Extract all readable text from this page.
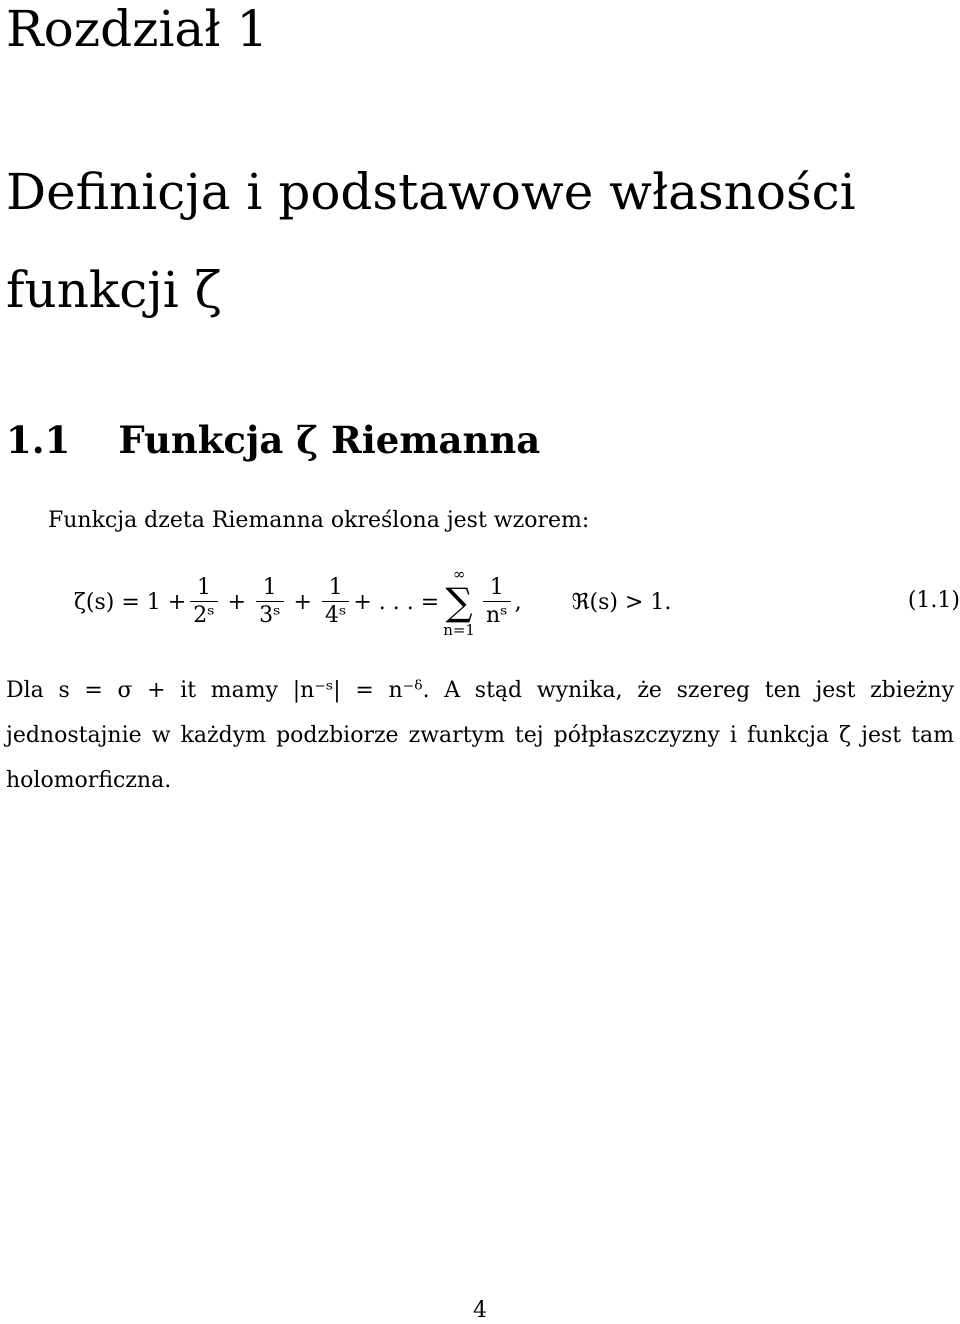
Rozdział 1
Definicja i podstawowe własności funkcji ζ
1.1 Funkcja ζ Riemanna
Funkcja dzeta Riemanna określona jest wzorem:
$\zeta(s) = 1 + \frac{1}{\text{2ˢ}} + \frac{1}{\text{3ˢ}} + \frac{1}{\text{4ˢ}}$ + . . . =
∞
∑
n=1
$\frac{1}{\text{nˢ}}$ , ℜ(s) > 1.	(1.1)
Dla s = σ + it mamy |n⁻ˢ| = n⁻ᵟ. A stąd wynika, że szereg ten jest zbieżny jednostajnie w każdym podzbiorze zwartym tej półpłaszczyzny i funkcja ζ jest tam holomorficzna.
4
